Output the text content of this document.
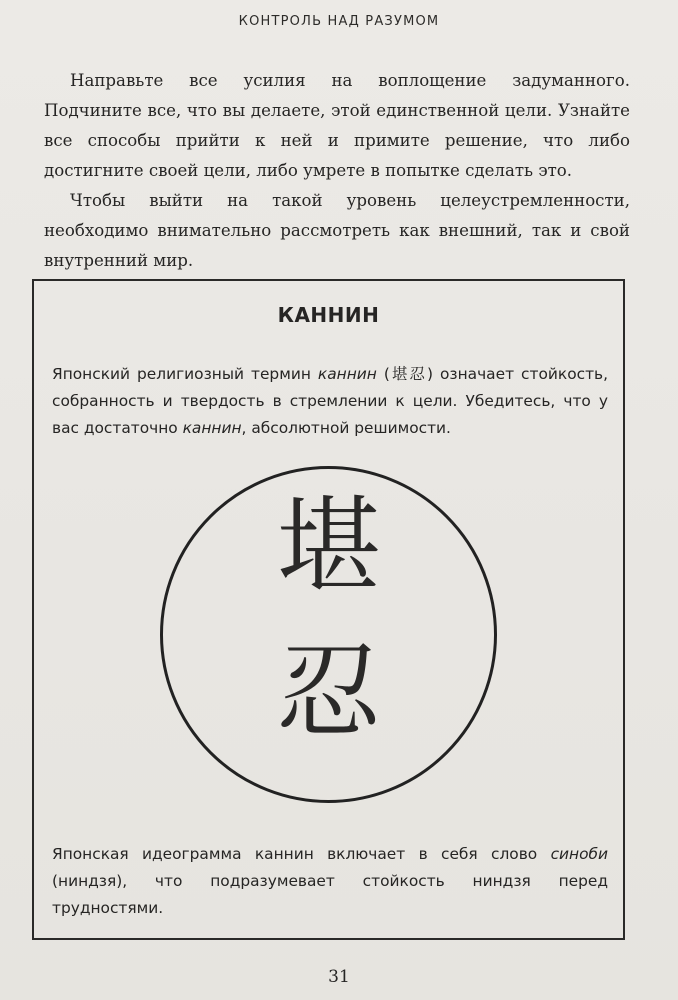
КОНТРОЛЬ НАД РАЗУМОМ

Направьте все усилия на воплощение задуманного. Подчините все, что вы делаете, этой единственной цели. Узнайте все способы прийти к ней и примите решение, что либо достигните своей цели, либо умрете в попытке сделать это.

Чтобы выйти на такой уровень целеустремленности, необходимо внимательно рассмотреть как внешний, так и свой внутренний мир.

КАННИН
Японский религиозный термин каннин (堪忍) означает стойкость, собранность и твердость в стремлении к цели. Убедитесь, что у вас достаточно каннин, абсолютной решимости.
堪
忍
Японская идеограмма каннин включает в себя слово синоби (ниндзя), что подразумевает стойкость ниндзя перед трудностями.
31
